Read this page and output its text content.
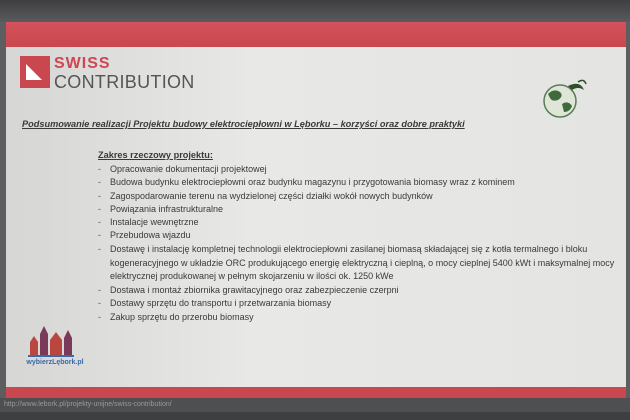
SWISS
CONTRIBUTION
Podsumowanie realizacji Projektu budowy elektrociepłowni w Lęborku – korzyści oraz dobre praktyki
Zakres rzeczowy projektu:
- Opracowanie dokumentacji projektowej
- Budowa budynku elektrociepłowni oraz budynku magazynu i przygotowania biomasy wraz z kominem
- Zagospodarowanie terenu na wydzielonej części działki wokół nowych budynków
- Powiązania infrastrukturalne
- Instalacje wewnętrzne
- Przebudowa wjazdu
- Dostawę i instalację kompletnej technologii elektrociepłowni zasilanej biomasą składającej się z kotła termalnego i bloku kogeneracyjnego w układzie ORC produkującego energię elektryczną i cieplną, o mocy cieplnej 5400 kWt i maksymalnej mocy elektrycznej produkowanej w pełnym skojarzeniu w ilości ok. 1250 kWe
- Dostawa i montaż zbiornika grawitacyjnego oraz zabezpieczenie czerpni
- Dostawy sprzętu do transportu i przetwarzania biomasy
- Zakup sprzętu do przerobu biomasy
wybierzLębork.pl
http://www.lebork.pl/projekty-unijne/swiss-contribution/
